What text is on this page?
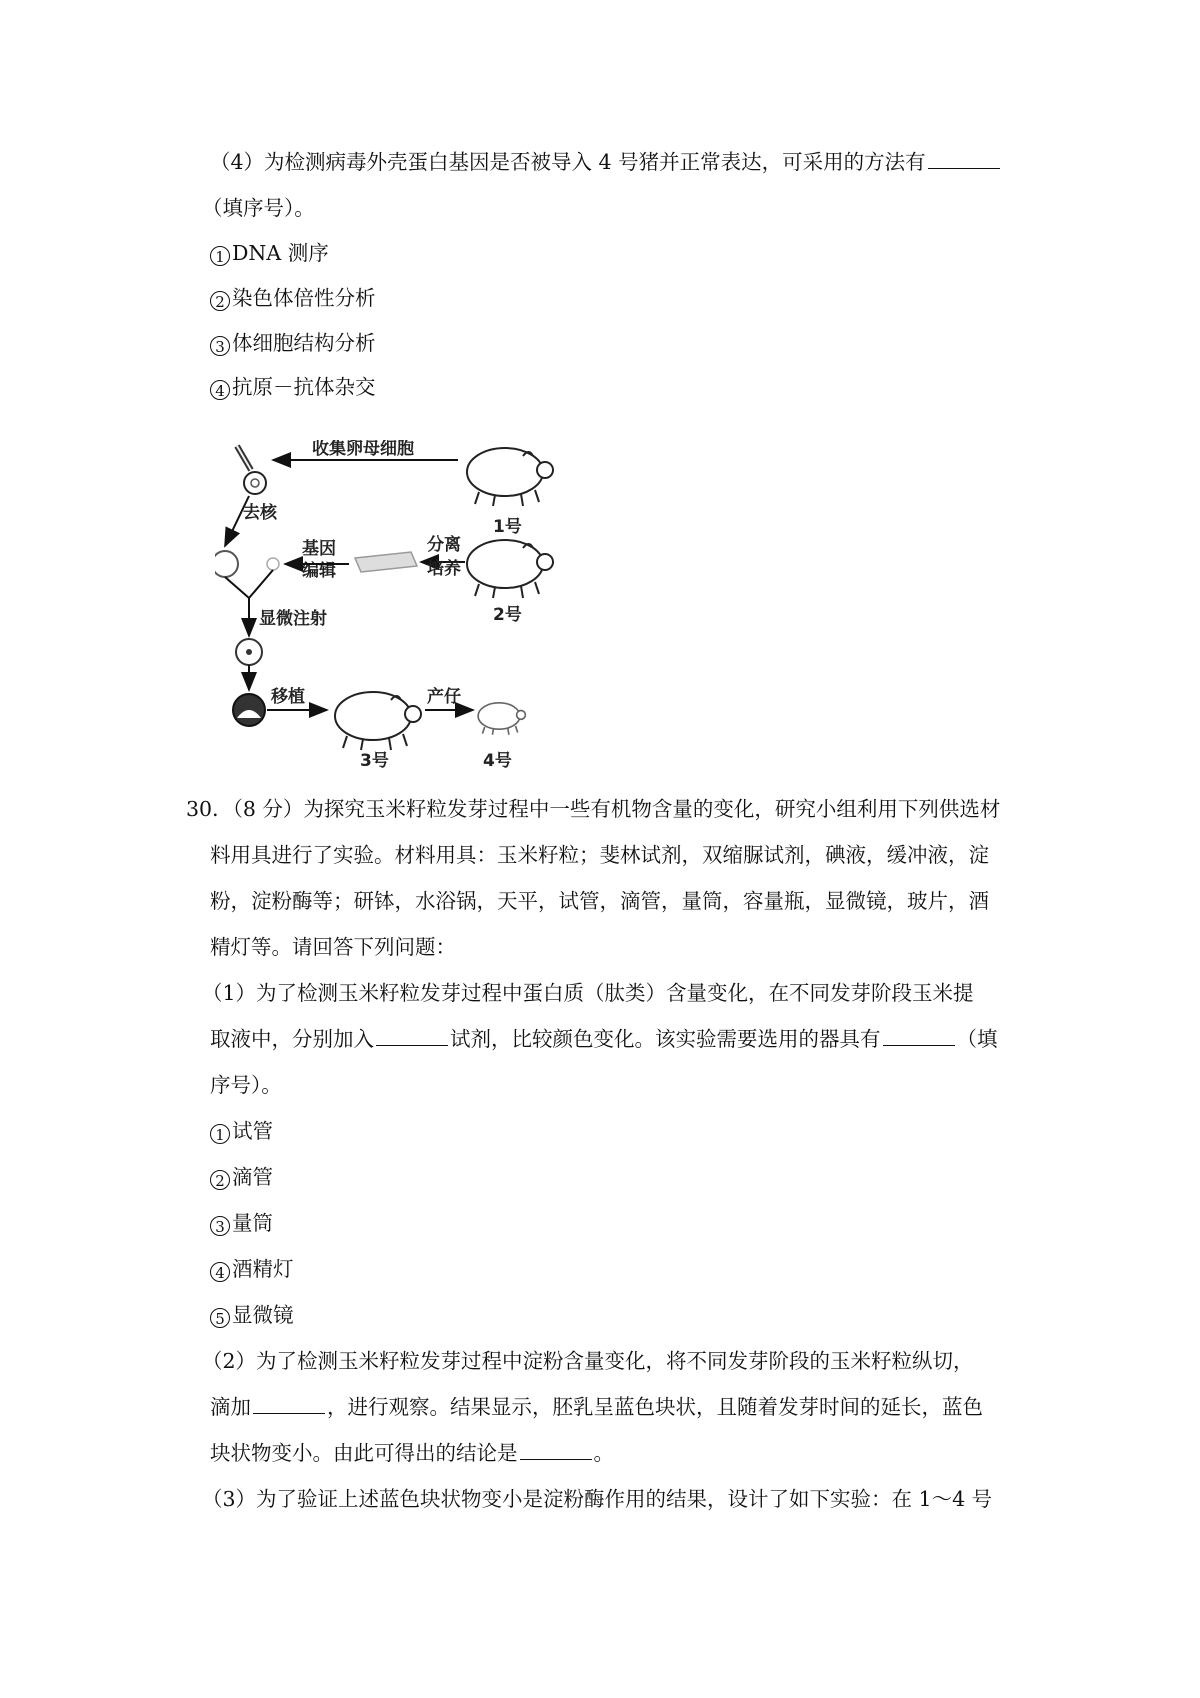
（4）为检测病毒外壳蛋白基因是否被导入 4 号猪并正常表达，可采用的方法有
（填序号）。
1 DNA 测序
2 染色体倍性分析
3 体细胞结构分析
4 抗原－抗体杂交
去核
收集卵母细胞
1号
基因
编辑
分离
培养
2号
显微注射
移植
3号
产仔
4号
30．（8 分）为探究玉米籽粒发芽过程中一些有机物含量的变化，研究小组利用下列供选材
料用具进行了实验。材料用具：玉米籽粒；斐林试剂，双缩脲试剂，碘液，缓冲液，淀
粉，淀粉酶等；研钵，水浴锅，天平，试管，滴管，量筒，容量瓶，显微镜，玻片，酒
精灯等。请回答下列问题：
（1）为了检测玉米籽粒发芽过程中蛋白质（肽类）含量变化，在不同发芽阶段玉米提
取液中，分别加入	试剂，比较颜色变化。该实验需要选用的器具有	（填
序号）。
1 试管
2 滴管
3 量筒
4 酒精灯
5 显微镜
（2）为了检测玉米籽粒发芽过程中淀粉含量变化，将不同发芽阶段的玉米籽粒纵切，
滴加	，进行观察。结果显示，胚乳呈蓝色块状，且随着发芽时间的延长，蓝色
块状物变小。由此可得出的结论是	。
（3）为了验证上述蓝色块状物变小是淀粉酶作用的结果，设计了如下实验：在 1～4 号
